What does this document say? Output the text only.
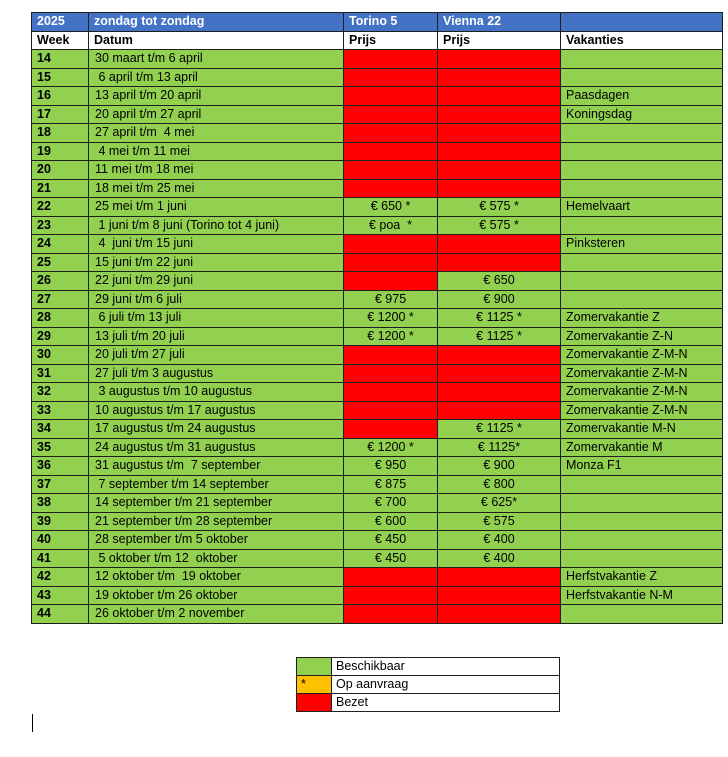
2025	zondag tot zondag	Torino 5	Vienna 22	
Week	Datum	Prijs	Prijs	Vakanties
14	30 maart t/m 6 april			
15	6 april t/m 13 april			
16	13 april t/m 20 april			Paasdagen
17	20 april t/m 27 april			Koningsdag
18	27 april t/m  4 mei			
19	4 mei t/m 11 mei			
20	11 mei t/m 18 mei			
21	18 mei t/m 25 mei			
22	25 mei t/m 1 juni	€ 650 *	€ 575 *	Hemelvaart
23	1 juni t/m 8 juni (Torino tot 4 juni)	€ poa  *	€ 575 *	
24	4  juni t/m 15 juni			Pinksteren
25	15 juni t/m 22 juni			
26	22 juni t/m 29 juni		€ 650	
27	29 juni t/m 6 juli	€ 975	€ 900	
28	6 juli t/m 13 juli	€ 1200 *	€ 1125 *	Zomervakantie Z
29	13 juli t/m 20 juli	€ 1200 *	€ 1125 *	Zomervakantie Z-N
30	20 juli t/m 27 juli			Zomervakantie Z-M-N
31	27 juli t/m 3 augustus			Zomervakantie Z-M-N
32	3 augustus t/m 10 augustus			Zomervakantie Z-M-N
33	10 augustus t/m 17 augustus			Zomervakantie Z-M-N
34	17 augustus t/m 24 augustus		€ 1125 *	Zomervakantie M-N
35	24 augustus t/m 31 augustus	€ 1200 *	€ 1125*	Zomervakantie M
36	31 augustus t/m  7 september	€ 950	€ 900	Monza F1
37	7 september t/m 14 september	€ 875	€ 800	
38	14 september t/m 21 september	€ 700	€ 625*	
39	21 september t/m 28 september	€ 600	€ 575	
40	28 september t/m 5 oktober	€ 450	€ 400	
41	5 oktober t/m 12  oktober	€ 450	€ 400	
42	12 oktober t/m  19 oktober			Herfstvakantie Z
43	19 oktober t/m 26 oktober			Herfstvakantie N-M
44	26 oktober t/m 2 november			
	Beschikbaar
*	Op aanvraag
	Bezet
